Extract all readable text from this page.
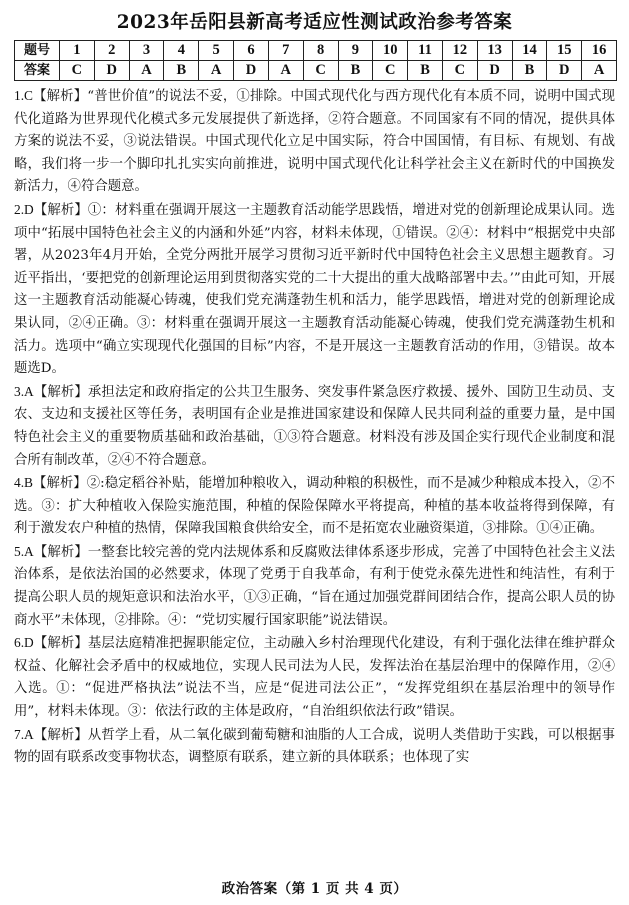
2023年岳阳县新高考适应性测试政治参考答案
题号	1	2	3	4	5	6	7	8	9	10	11	12	13	14	15	16
答案	C	D	A	B	A	D	A	C	B	C	B	C	D	B	D	A

1.C【解析】“普世价值”的说法不妥，①排除。中国式现代化与西方现代化有本质不同，说明中国式现代化道路为世界现代化模式多元发展提供了新选择，②符合题意。不同国家有不同的情况，提供具体方案的说法不妥，③说法错误。中国式现代化立足中国实际，符合中国国情，有目标、有规划、有战略，我们将一步一个脚印扎扎实实向前推进，说明中国式现代化让科学社会主义在新时代的中国换发新活力，④符合题意。

2.D【解析】①：材料重在强调开展这一主题教育活动能学思践悟，增进对党的创新理论成果认同。选项中“拓展中国特色社会主义的内涵和外延”内容，材料未体现，①错误。②④：材料中“根据党中央部署，从2023年4月开始，全党分两批开展学习贯彻习近平新时代中国特色社会主义思想主题教育。习近平指出，‘要把党的创新理论运用到贯彻落实党的二十大提出的重大战略部署中去。’”由此可知，开展这一主题教育活动能凝心铸魂，使我们党充满蓬勃生机和活力，能学思践悟，增进对党的创新理论成果认同，②④正确。③：材料重在强调开展这一主题教育活动能凝心铸魂，使我们党充满蓬勃生机和活力。选项中“确立实现现代化强国的目标”内容，不是开展这一主题教育活动的作用，③错误。故本题选D。

3.A【解析】承担法定和政府指定的公共卫生服务、突发事件紧急医疗救援、援外、国防卫生动员、支农、支边和支援社区等任务，表明国有企业是推进国家建设和保障人民共同利益的重要力量，是中国特色社会主义的重要物质基础和政治基础，①③符合题意。材料没有涉及国企实行现代企业制度和混合所有制改革，②④不符合题意。

4.B【解析】②:稳定稻谷补贴，能增加种粮收入，调动种粮的积极性，而不是减少种粮成本投入，②不选。③：扩大种植收入保险实施范围，种植的保险保障水平将提高，种植的基本收益将得到保障，有利于激发农户种植的热情，保障我国粮食供给安全，而不是拓宽农业融资渠道，③排除。①④正确。

5.A【解析】一整套比较完善的党内法规体系和反腐败法律体系逐步形成，完善了中国特色社会主义法治体系，是依法治国的必然要求，体现了党勇于自我革命，有利于使党永葆先进性和纯洁性，有利于提高公职人员的规矩意识和法治水平，①③正确，“旨在通过加强党群间团结合作，提高公职人员的协商水平”未体现，②排除。④：“党切实履行国家职能”说法错误。

6.D【解析】基层法庭精准把握职能定位，主动融入乡村治理现代化建设，有利于强化法律在维护群众权益、化解社会矛盾中的权威地位，实现人民司法为人民，发挥法治在基层治理中的保障作用，②④入选。①：“促进严格执法”说法不当，应是“促进司法公正”，“发挥党组织在基层治理中的领导作用”，材料未体现。③：依法行政的主体是政府，“自治组织依法行政”错误。

7.A【解析】从哲学上看，从二氧化碳到葡萄糖和油脂的人工合成，说明人类借助于实践，可以根据事物的固有联系改变事物状态，调整原有联系，建立新的具体联系；也体现了实

政治答案（第 1 页 共 4 页）
